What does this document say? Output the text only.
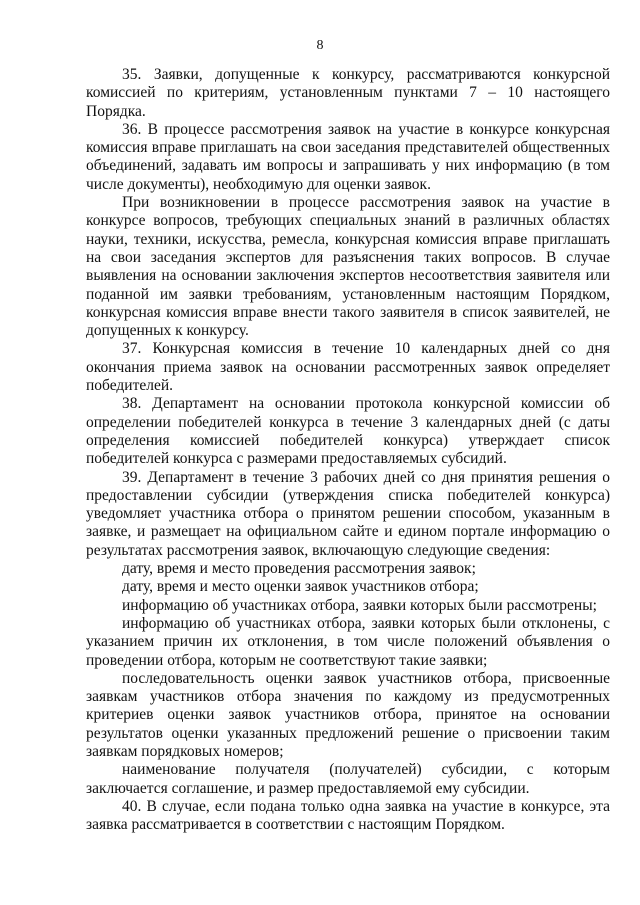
8

35. Заявки, допущенные к конкурсу, рассматриваются конкурсной комиссией по критериям, установленным пунктами 7 – 10 настоящего Порядка.

36. В процессе рассмотрения заявок на участие в конкурсе конкурсная комиссия вправе приглашать на свои заседания представителей общественных объединений, задавать им вопросы и запрашивать у них информацию (в том числе документы), необходимую для оценки заявок.

При возникновении в процессе рассмотрения заявок на участие в конкурсе вопросов, требующих специальных знаний в различных областях науки, техники, искусства, ремесла, конкурсная комиссия вправе приглашать на свои заседания экспертов для разъяснения таких вопросов. В случае выявления на основании заключения экспертов несоответствия заявителя или поданной им заявки требованиям, установленным настоящим Порядком, конкурсная комиссия вправе внести такого заявителя в список заявителей, не допущенных к конкурсу.

37. Конкурсная комиссия в течение 10 календарных дней со дня окончания приема заявок на основании рассмотренных заявок определяет победителей.

38. Департамент на основании протокола конкурсной комиссии об определении победителей конкурса в течение 3 календарных дней (с даты определения комиссией победителей конкурса) утверждает список победителей конкурса с размерами предоставляемых субсидий.

39. Департамент в течение 3 рабочих дней со дня принятия решения о предоставлении субсидии (утверждения списка победителей конкурса) уведомляет участника отбора о принятом решении способом, указанным в заявке, и размещает на официальном сайте и едином портале информацию о результатах рассмотрения заявок, включающую следующие сведения:

дату, время и место проведения рассмотрения заявок;

дату, время и место оценки заявок участников отбора;

информацию об участниках отбора, заявки которых были рассмотрены;

информацию об участниках отбора, заявки которых были отклонены, с указанием причин их отклонения, в том числе положений объявления о проведении отбора, которым не соответствуют такие заявки;

последовательность оценки заявок участников отбора, присвоенные заявкам участников отбора значения по каждому из предусмотренных критериев оценки заявок участников отбора, принятое на основании результатов оценки указанных предложений решение о присвоении таким заявкам порядковых номеров;

наименование получателя (получателей) субсидии, с которым заключается соглашение, и размер предоставляемой ему субсидии.

40. В случае, если подана только одна заявка на участие в конкурсе, эта заявка рассматривается в соответствии с настоящим Порядком.
